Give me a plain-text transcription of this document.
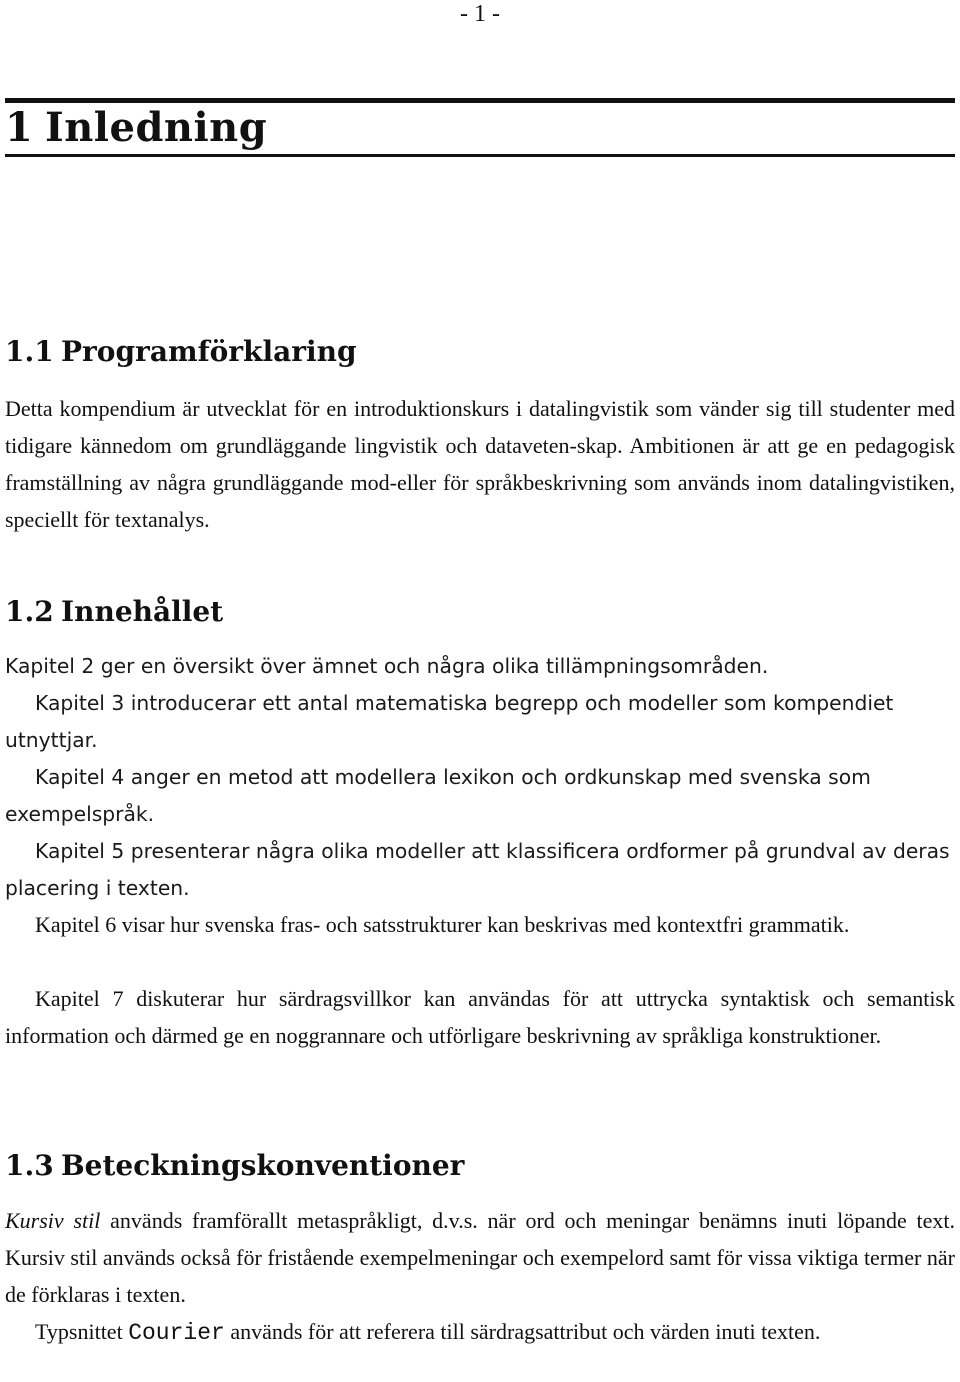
- 1 -
1 Inledning
1.1 Programförklaring

Detta kompendium är utvecklat för en introduktionskurs i datalingvistik som vänder sig till studenter med tidigare kännedom om grundläggande lingvistik och dataveten-skap. Ambitionen är att ge en pedagogisk framställning av några grundläggande mod-eller för språkbeskrivning som används inom datalingvistiken, speciellt för textanalys.

1.2 Innehållet

Kapitel 2 ger en översikt över ämnet och några olika tillämpningsområden.

Kapitel 3 introducerar ett antal matematiska begrepp och modeller som kompendiet utnyttjar.

Kapitel 4 anger en metod att modellera lexikon och ordkunskap med svenska som exempelspråk.

Kapitel 5 presenterar några olika modeller att klassificera ordformer på grundval av deras placering i texten.

Kapitel 6 visar hur svenska fras- och satsstrukturer kan beskrivas med kontextfri grammatik.

Kapitel 7 diskuterar hur särdragsvillkor kan användas för att uttrycka syntaktisk och semantisk information och därmed ge en noggrannare och utförligare beskrivning av språkliga konstruktioner.

1.3 Beteckningskonventioner

Kursiv stil används framförallt metaspråkligt, d.v.s. när ord och meningar benämns inuti löpande text. Kursiv stil används också för fristående exempelmeningar och exempelord samt för vissa viktiga termer när de förklaras i texten.

Typsnittet Courier används för att referera till särdragsattribut och värden inuti texten.
